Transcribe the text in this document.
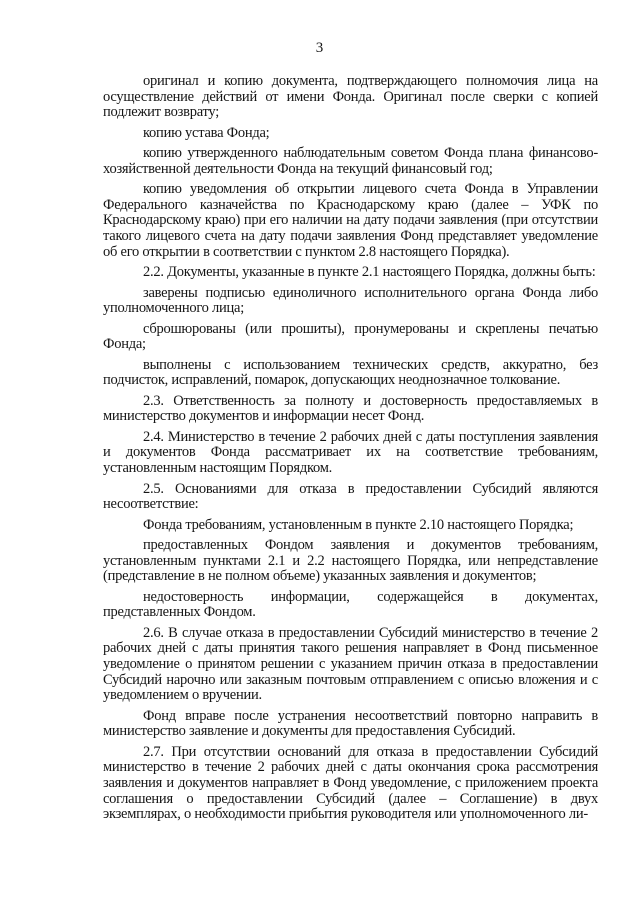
3

оригинал и копию документа, подтверждающего полномочия лица на осуществление действий от имени Фонда. Оригинал после сверки с копией подлежит возврату;

копию устава Фонда;

копию утвержденного наблюдательным советом Фонда плана финансово-хозяйственной деятельности Фонда на текущий финансовый год;

копию уведомления об открытии лицевого счета Фонда в Управлении Федерального казначейства по Краснодарскому краю (далее – УФК по Краснодарскому краю) при его наличии на дату подачи заявления (при отсутствии такого лицевого счета на дату подачи заявления Фонд представляет уведомление об его открытии в соответствии с пунктом 2.8 настоящего Порядка).

2.2. Документы, указанные в пункте 2.1 настоящего Порядка, должны быть:

заверены подписью единоличного исполнительного органа Фонда либо уполномоченного лица;

сброшюрованы (или прошиты), пронумерованы и скреплены печатью Фонда;

выполнены с использованием технических средств, аккуратно, без подчисток, исправлений, помарок, допускающих неоднозначное толкование.

2.3. Ответственность за полноту и достоверность предоставляемых в министерство документов и информации несет Фонд.

2.4. Министерство в течение 2 рабочих дней с даты поступления заявления и документов Фонда рассматривает их на соответствие требованиям, установленным настоящим Порядком.

2.5. Основаниями для отказа в предоставлении Субсидий являются несоответствие:

Фонда требованиям, установленным в пункте 2.10 настоящего Порядка;

предоставленных Фондом заявления и документов требованиям, установленным пунктами 2.1 и 2.2 настоящего Порядка, или непредставление (представление в не полном объеме) указанных заявления и документов;

недостоверность информации, содержащейся в документах, представленных Фондом.

2.6. В случае отказа в предоставлении Субсидий министерство в течение 2 рабочих дней с даты принятия такого решения направляет в Фонд письменное уведомление о принятом решении с указанием причин отказа в предоставлении Субсидий нарочно или заказным почтовым отправлением с описью вложения и с уведомлением о вручении.

Фонд вправе после устранения несоответствий повторно направить в министерство заявление и документы для предоставления Субсидий.

2.7. При отсутствии оснований для отказа в предоставлении Субсидий министерство в течение 2 рабочих дней с даты окончания срока рассмотрения заявления и документов направляет в Фонд уведомление, с приложением проекта соглашения о предоставлении Субсидий (далее – Соглашение) в двух экземплярах, о необходимости прибытия руководителя или уполномоченного ли-
